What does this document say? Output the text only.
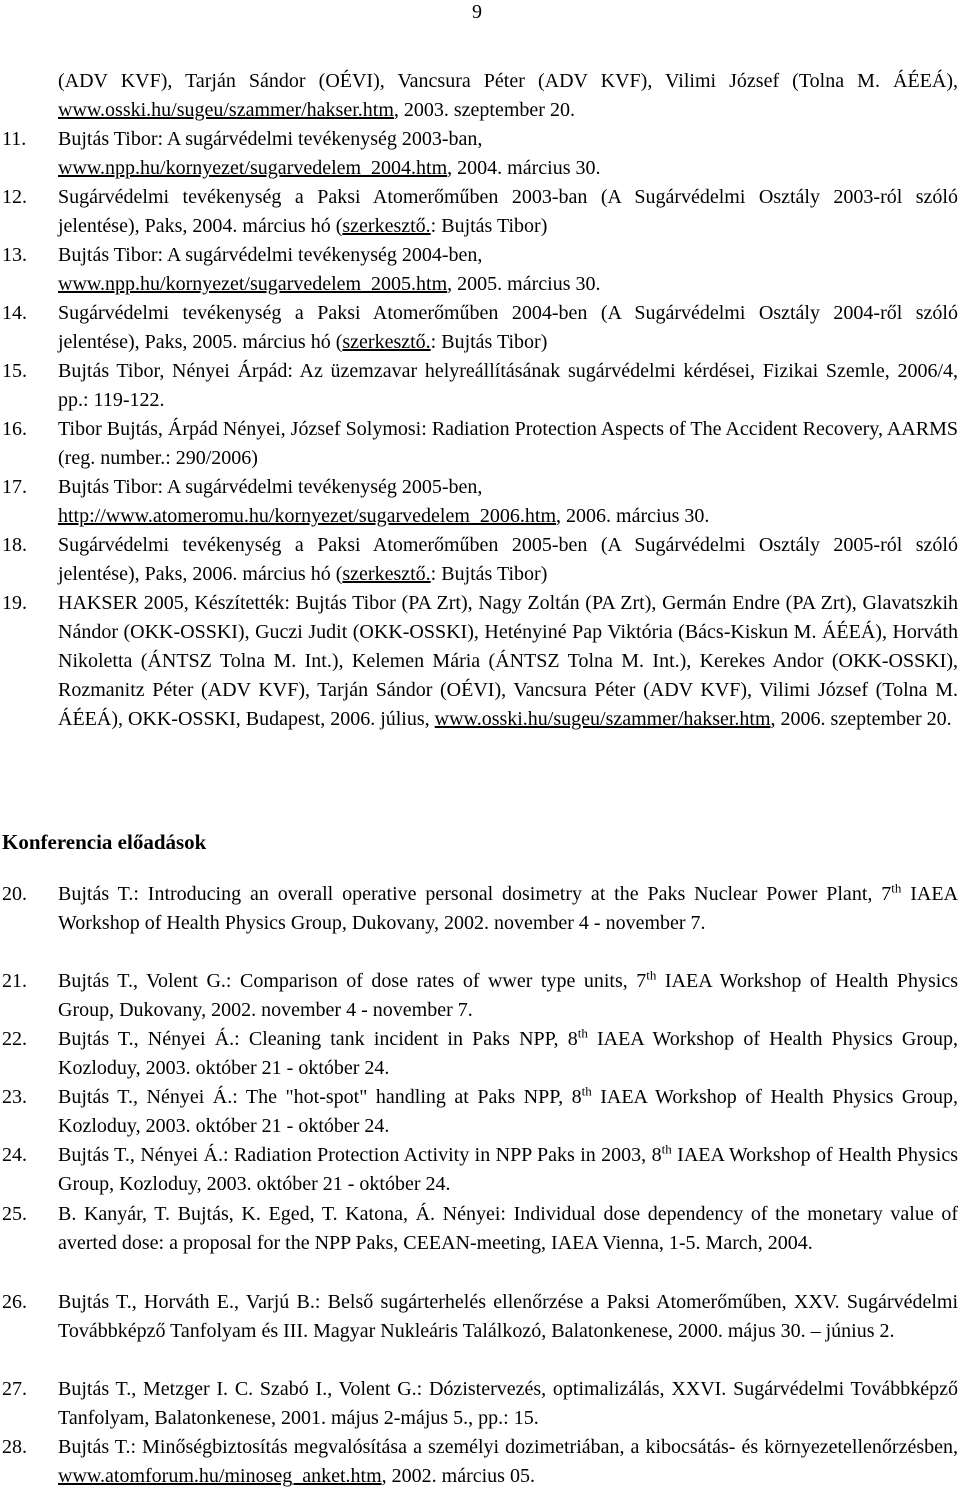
9
(ADV KVF), Tarján Sándor (OÉVI), Vancsura Péter (ADV KVF), Vilimi József (Tolna M. ÁÉEÁ), www.osski.hu/sugeu/szammer/hakser.htm, 2003. szeptember 20.
11. Bujtás Tibor: A sugárvédelmi tevékenység 2003-ban,
www.npp.hu/kornyezet/sugarvedelem_2004.htm, 2004. március 30.
12. Sugárvédelmi tevékenység a Paksi Atomerőműben 2003-ban (A Sugárvédelmi Osztály 2003-ról szóló jelentése), Paks, 2004. március hó (szerkesztő.: Bujtás Tibor)
13. Bujtás Tibor: A sugárvédelmi tevékenység 2004-ben,
www.npp.hu/kornyezet/sugarvedelem_2005.htm, 2005. március 30.
14. Sugárvédelmi tevékenység a Paksi Atomerőműben 2004-ben (A Sugárvédelmi Osztály 2004-ről szóló jelentése), Paks, 2005. március hó (szerkesztő.: Bujtás Tibor)
15. Bujtás Tibor, Nényei Árpád: Az üzemzavar helyreállításának sugárvédelmi kérdései, Fizikai Szemle, 2006/4, pp.: 119-122.
16. Tibor Bujtás, Árpád Nényei, József Solymosi: Radiation Protection Aspects of The Accident Recovery, AARMS (reg. number.: 290/2006)
17. Bujtás Tibor: A sugárvédelmi tevékenység 2005-ben,
http://www.atomeromu.hu/kornyezet/sugarvedelem_2006.htm, 2006. március 30.
18. Sugárvédelmi tevékenység a Paksi Atomerőműben 2005-ben (A Sugárvédelmi Osztály 2005-ról szóló jelentése), Paks, 2006. március hó (szerkesztő.: Bujtás Tibor)
19. HAKSER 2005, Készítették: Bujtás Tibor (PA Zrt), Nagy Zoltán (PA Zrt), Germán Endre (PA Zrt), Glavatszkih Nándor (OKK-OSSKI), Guczi Judit (OKK-OSSKI), Hetényiné Pap Viktória (Bács-Kiskun M. ÁÉEÁ), Horváth Nikoletta (ÁNTSZ Tolna M. Int.), Kelemen Mária (ÁNTSZ Tolna M. Int.), Kerekes Andor (OKK-OSSKI), Rozmanitz Péter (ADV KVF), Tarján Sándor (OÉVI), Vancsura Péter (ADV KVF), Vilimi József (Tolna M. ÁÉEÁ), OKK-OSSKI, Budapest, 2006. július, www.osski.hu/sugeu/szammer/hakser.htm, 2006. szeptember 20.
Konferencia előadások
20. Bujtás T.: Introducing an overall operative personal dosimetry at the Paks Nuclear Power Plant, 7th IAEA Workshop of Health Physics Group, Dukovany, 2002. november 4 - november 7.
21. Bujtás T., Volent G.: Comparison of dose rates of wwer type units, 7th IAEA Workshop of Health Physics Group, Dukovany, 2002. november 4 - november 7.
22. Bujtás T., Nényei Á.: Cleaning tank incident in Paks NPP, 8th IAEA Workshop of Health Physics Group, Kozloduy, 2003. október 21 - október 24.
23. Bujtás T., Nényei Á.: The "hot-spot" handling at Paks NPP, 8th IAEA Workshop of Health Physics Group, Kozloduy, 2003. október 21 - október 24.
24. Bujtás T., Nényei Á.: Radiation Protection Activity in NPP Paks in 2003, 8th IAEA Workshop of Health Physics Group, Kozloduy, 2003. október 21 - október 24.
25. B. Kanyár, T. Bujtás, K. Eged, T. Katona, Á. Nényei: Individual dose dependency of the monetary value of averted dose: a proposal for the NPP Paks, CEEAN-meeting, IAEA Vienna, 1-5. March, 2004.
26. Bujtás T., Horváth E., Varjú B.: Belső sugárterhelés ellenőrzése a Paksi Atomerőműben, XXV. Sugárvédelmi Továbbképző Tanfolyam és III. Magyar Nukleáris Találkozó, Balatonkenese, 2000. május 30. – június 2.
27. Bujtás T., Metzger I. C. Szabó I., Volent G.: Dózistervezés, optimalizálás, XXVI. Sugárvédelmi Továbbképző Tanfolyam, Balatonkenese, 2001. május 2-május 5., pp.: 15.
28. Bujtás T.: Minőségbiztosítás megvalósítása a személyi dozimetriában, a kibocsátás- és környezetellenőrzésben, www.atomforum.hu/minoseg_anket.htm, 2002. március 05.
